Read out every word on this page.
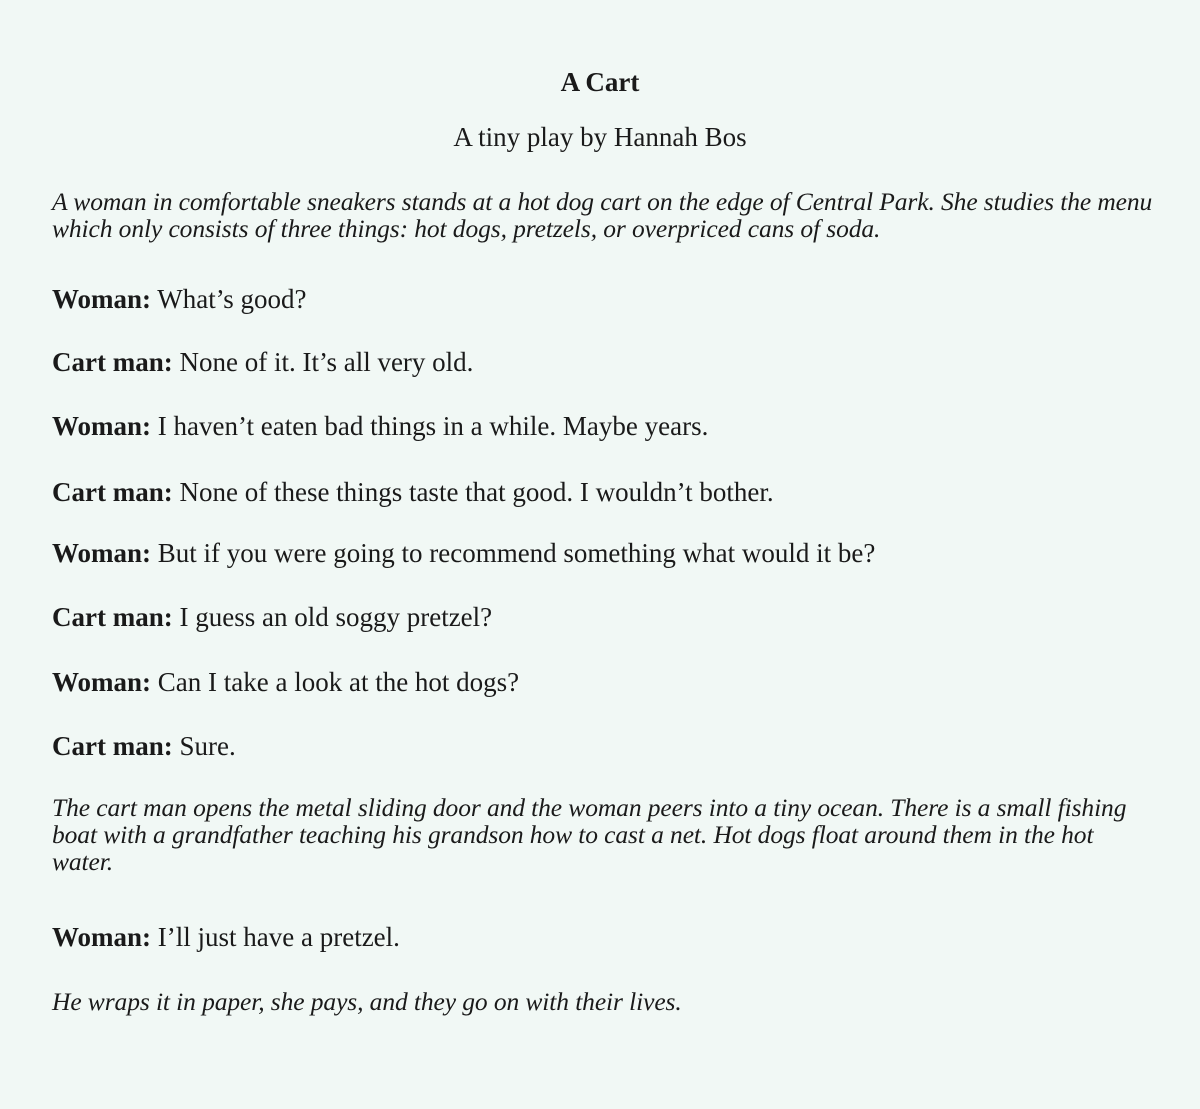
A Cart
A tiny play by Hannah Bos

A woman in comfortable sneakers stands at a hot dog cart on the edge of Central Park. She studies the menu which only consists of three things: hot dogs, pretzels, or overpriced cans of soda.

Woman: What’s good?

Cart man: None of it. It’s all very old.

Woman: I haven’t eaten bad things in a while. Maybe years.

Cart man: None of these things taste that good. I wouldn’t bother.

Woman: But if you were going to recommend something what would it be?

Cart man: I guess an old soggy pretzel?

Woman: Can I take a look at the hot dogs?

Cart man: Sure.

The cart man opens the metal sliding door and the woman peers into a tiny ocean. There is a small fishing boat with a grandfather teaching his grandson how to cast a net. Hot dogs float around them in the hot water.

Woman: I’ll just have a pretzel.

He wraps it in paper, she pays, and they go on with their lives.
